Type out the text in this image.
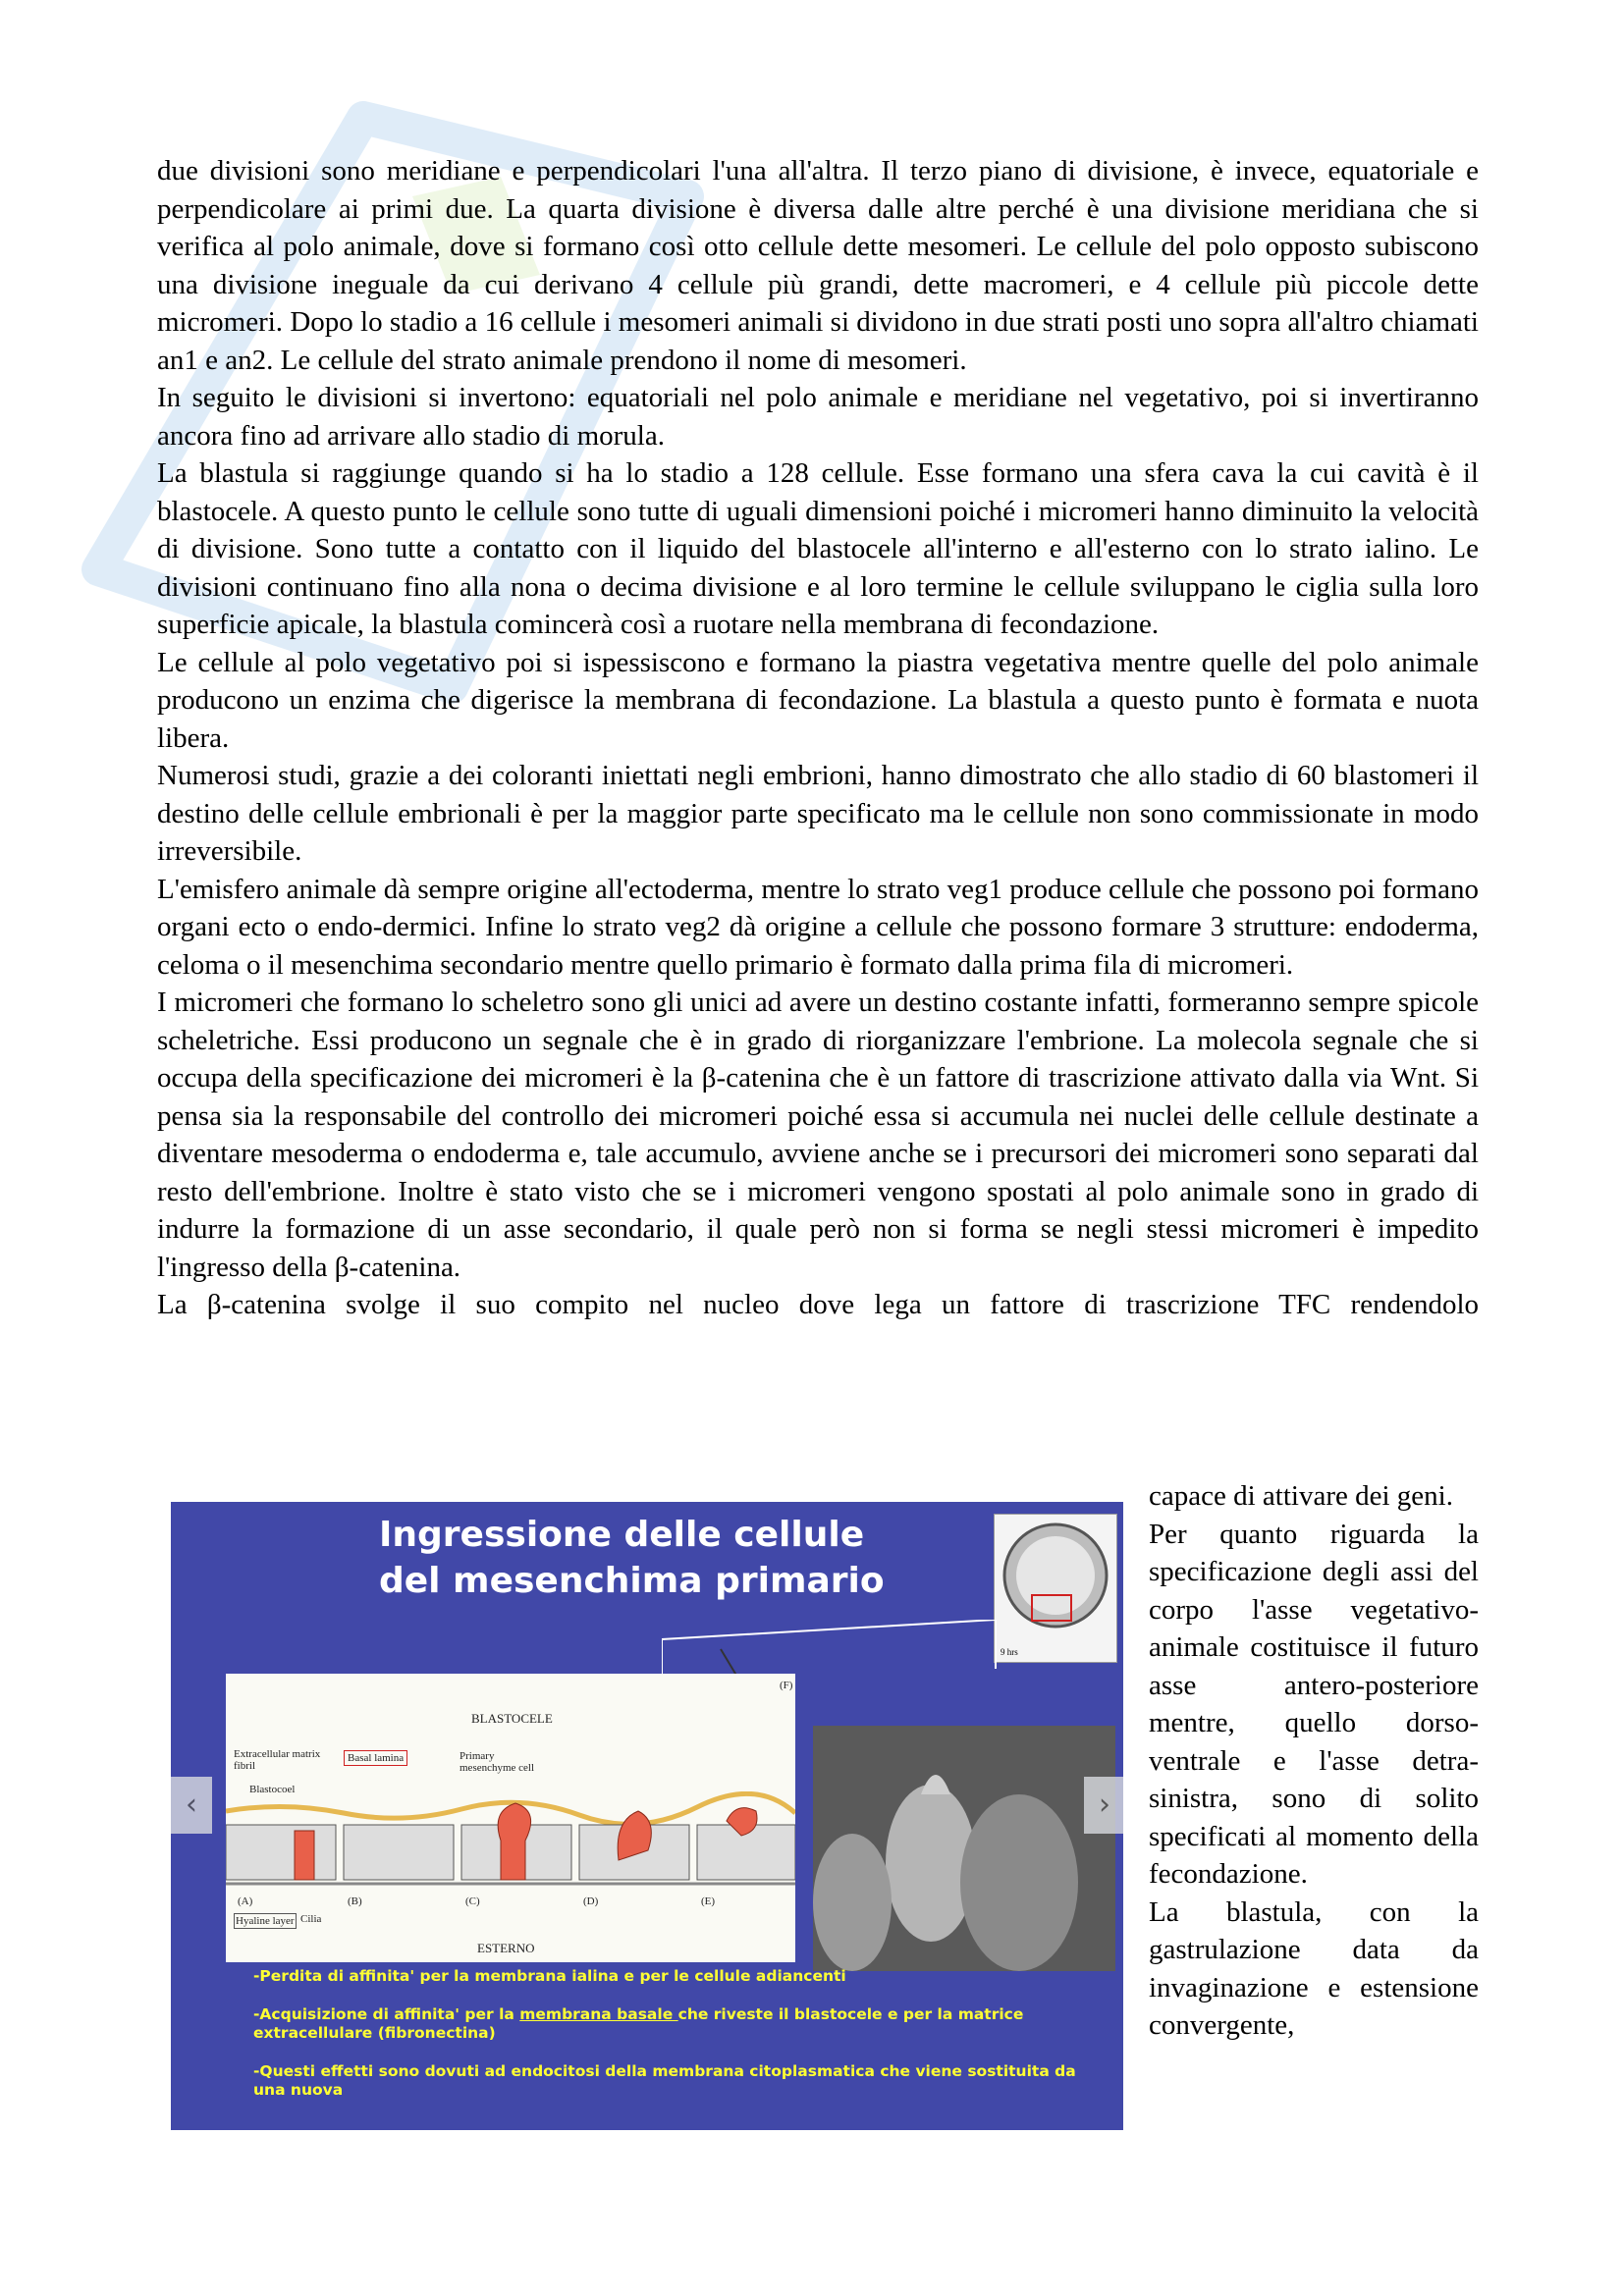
due divisioni sono meridiane e perpendicolari l'una all'altra. Il terzo piano di divisione, è invece, equatoriale e perpendicolare ai primi due. La quarta divisione è diversa dalle altre perché è una divisione meridiana che si verifica al polo animale, dove si formano così otto cellule dette mesomeri. Le cellule del polo opposto subiscono una divisione ineguale da cui derivano 4 cellule più grandi, dette macromeri, e 4 cellule più piccole dette micromeri. Dopo lo stadio a 16 cellule i mesomeri animali si dividono in due strati posti uno sopra all'altro chiamati an1 e an2. Le cellule del strato animale prendono il nome di mesomeri.

In seguito le divisioni si invertono: equatoriali nel polo animale e meridiane nel vegetativo, poi si invertiranno ancora fino ad arrivare allo stadio di morula.

La blastula si raggiunge quando si ha lo stadio a 128 cellule. Esse formano una sfera cava la cui cavità è il blastocele. A questo punto le cellule sono tutte di uguali dimensioni poiché i micromeri hanno diminuito la velocità di divisione. Sono tutte a contatto con il liquido del blastocele all'interno e all'esterno con lo strato ialino. Le divisioni continuano fino alla nona o decima divisione e al loro termine le cellule sviluppano le ciglia sulla loro superficie apicale, la blastula comincerà così a ruotare nella membrana di fecondazione.

Le cellule al polo vegetativo poi si ispessiscono e formano la piastra vegetativa mentre quelle del polo animale producono un enzima che digerisce la membrana di fecondazione. La blastula a questo punto è formata e nuota libera.

Numerosi studi, grazie a dei coloranti iniettati negli embrioni, hanno dimostrato che allo stadio di 60 blastomeri il destino delle cellule embrionali è per la maggior parte specificato ma le cellule non sono commissionate in modo irreversibile.

L'emisfero animale dà sempre origine all'ectoderma, mentre lo strato veg1 produce cellule che possono poi formano organi ecto o endo-dermici. Infine lo strato veg2 dà origine a cellule che possono formare 3 strutture: endoderma, celoma o il mesenchima secondario mentre quello primario è formato dalla prima fila di micromeri.

I micromeri che formano lo scheletro sono gli unici ad avere un destino costante infatti, formeranno sempre spicole scheletriche. Essi producono un segnale che è in grado di riorganizzare l'embrione. La molecola segnale che si occupa della specificazione dei micromeri è la β-catenina che è un fattore di trascrizione attivato dalla via Wnt. Si pensa sia la responsabile del controllo dei micromeri poiché essa si accumula nei nuclei delle cellule destinate a diventare mesoderma o endoderma e, tale accumulo, avviene anche se i precursori dei micromeri sono separati dal resto dell'embrione. Inoltre è stato visto che se i micromeri vengono spostati al polo animale sono in grado di indurre la formazione di un asse secondario, il quale però non si forma se negli stessi micromeri è impedito l'ingresso della β-catenina.

La β-catenina svolge il suo compito nel nucleo dove lega un fattore di trascrizione TFC rendendolo

Ingressione delle cellule
del mesenchima primario
9 hrs
BLASTOCELE
(F)
Extracellular matrix fibril
Blastocoel
Basal lamina	Primary mesenchyme cell
(A)	(B)	(C)	(D)	(E)
Hyaline layer Cilia
ESTERNO
‹	›
-Perdita di affinita' per la membrana ialina e per le cellule adiancenti
-Acquisizione di affinita' per la membrana basale che riveste il blastocele e per la matrice extracellulare (fibronectina)
-Questi effetti sono dovuti ad endocitosi della membrana citoplasmatica che viene sostituita da una nuova

capace di attivare dei geni.

Per quanto riguarda la specificazione degli assi del corpo l'asse vegetativo-animale costituisce il futuro asse antero-posteriore mentre, quello dorso-ventrale e l'asse detra-sinistra, sono di solito specificati al momento della fecondazione.

La blastula, con la gastrulazione data da invaginazione e estensione convergente,
